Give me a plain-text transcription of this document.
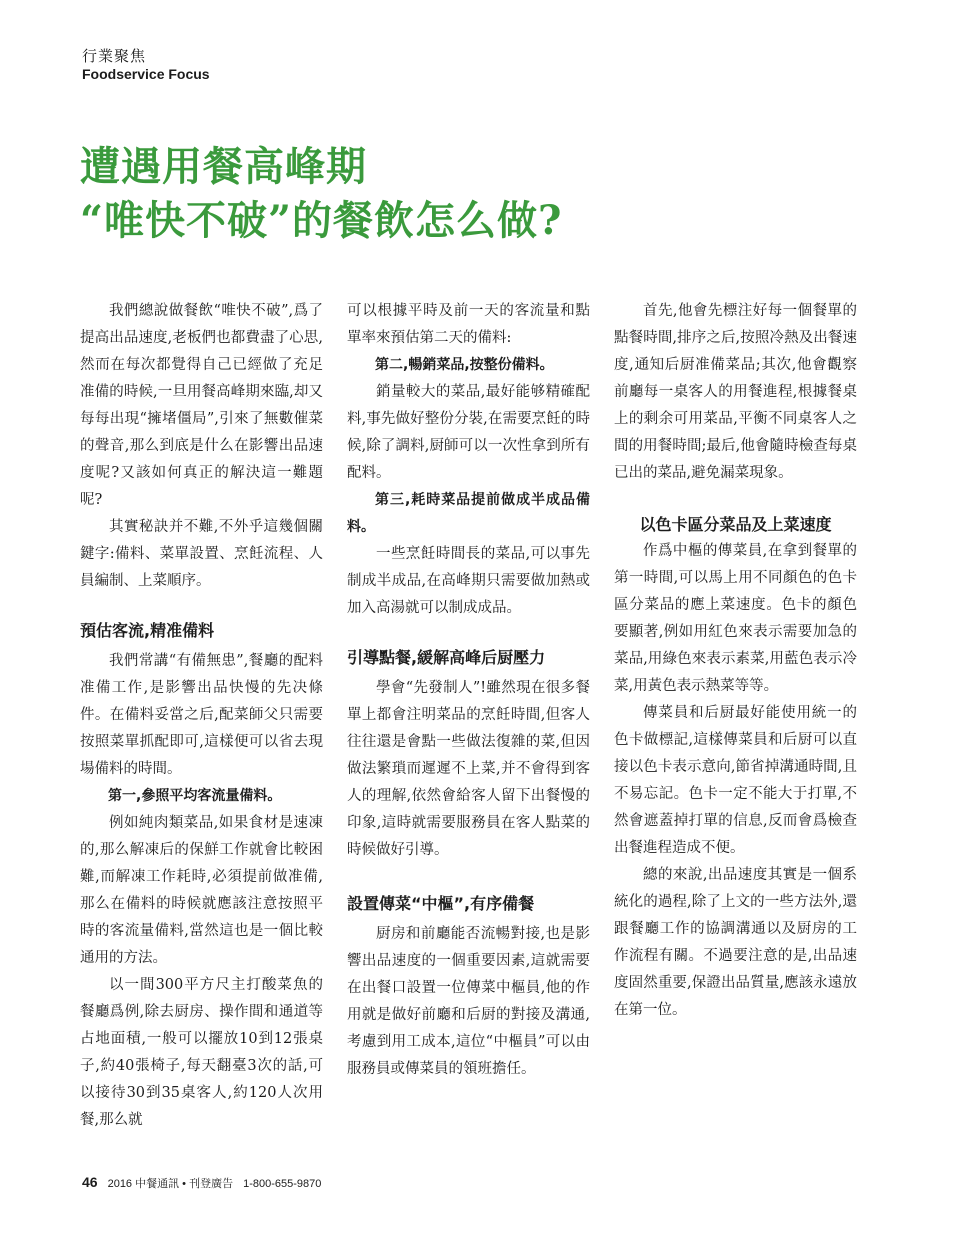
行業聚焦
Foodservice Focus
遭遇用餐高峰期
“唯快不破”的餐飲怎么做?

我們總說做餐飲“唯快不破”,爲了提高出品速度,老板們也都費盡了心思,然而在每次都覺得自己已經做了充足准備的時候,一旦用餐高峰期來臨,却又每每出現“擁堵僵局”,引來了無數催菜的聲音,那么到底是什么在影響出品速度呢?又該如何真正的解決這一難題呢?

其實秘訣并不難,不外乎這幾個關鍵字:備料、菜單設置、烹飪流程、人員編制、上菜順序。

預估客流,精准備料

我們常講“有備無患”,餐廳的配料准備工作,是影響出品快慢的先决條件。在備料妥當之后,配菜師父只需要按照菜單抓配即可,這樣便可以省去現場備料的時間。

第一,參照平均客流量備料。

例如純肉類菜品,如果食材是速凍的,那么解凍后的保鮮工作就會比較困難,而解凍工作耗時,必須提前做准備,那么在備料的時候就應該注意按照平時的客流量備料,當然這也是一個比較通用的方法。

以一間300平方尺主打酸菜魚的餐廳爲例,除去厨房、操作間和通道等占地面積,一般可以擺放10到12張桌子,約40張椅子,每天翻臺3次的話,可以接待30到35桌客人,約120人次用餐,那么就

可以根據平時及前一天的客流量和點單率來預估第二天的備料:

第二,暢銷菜品,按整份備料。

銷量較大的菜品,最好能够精確配料,事先做好整份分裝,在需要烹飪的時候,除了調料,厨師可以一次性拿到所有配料。

第三,耗時菜品提前做成半成品備料。

一些烹飪時間長的菜品,可以事先制成半成品,在高峰期只需要做加熱或加入高湯就可以制成成品。

引導點餐,緩解高峰后厨壓力

學會“先發制人”!雖然現在很多餐單上都會注明菜品的烹飪時間,但客人往往還是會點一些做法復雜的菜,但因做法繁瑣而遲遲不上菜,并不會得到客人的理解,依然會給客人留下出餐慢的印象,這時就需要服務員在客人點菜的時候做好引導。

設置傳菜“中樞”,有序備餐

厨房和前廳能否流暢對接,也是影響出品速度的一個重要因素,這就需要在出餐口設置一位傳菜中樞員,他的作用就是做好前廳和后厨的對接及溝通,考慮到用工成本,這位“中樞員”可以由服務員或傳菜員的領班擔任。

首先,他會先標注好每一個餐單的點餐時間,排序之后,按照冷熱及出餐速度,通知后厨准備菜品;其次,他會觀察前廳每一桌客人的用餐進程,根據餐桌上的剩余可用菜品,平衡不同桌客人之間的用餐時間;最后,他會隨時檢查每桌已出的菜品,避免漏菜現象。

以色卡區分菜品及上菜速度

作爲中樞的傳菜員,在拿到餐單的第一時間,可以馬上用不同顏色的色卡區分菜品的應上菜速度。色卡的顏色要顯著,例如用紅色來表示需要加急的菜品,用綠色來表示素菜,用藍色表示冷菜,用黃色表示熱菜等等。

傳菜員和后厨最好能使用統一的色卡做標記,這樣傳菜員和后厨可以直接以色卡表示意向,節省掉溝通時間,且不易忘記。色卡一定不能大于打單,不然會遮蓋掉打單的信息,反而會爲檢查出餐進程造成不便。

總的來說,出品速度其實是一個系統化的過程,除了上文的一些方法外,還跟餐廳工作的協調溝通以及厨房的工作流程有關。不過要注意的是,出品速度固然重要,保證出品質量,應該永遠放在第一位。

46 2016 中餐通訊 • 刊登廣告 1-800-655-9870
